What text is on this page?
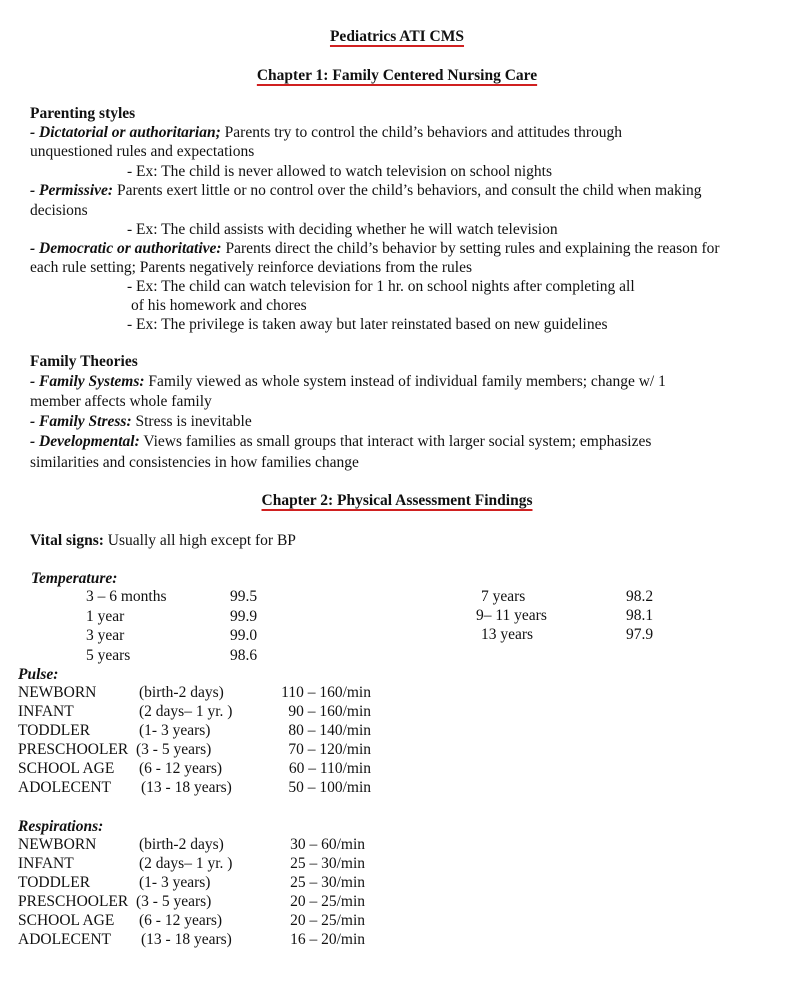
Pediatrics ATI CMS
Chapter 1: Family Centered Nursing Care
Parenting styles
- Dictatorial or authoritarian; Parents try to control the child’s behaviors and attitudes through
unquestioned rules and expectations
- Ex: The child is never allowed to watch television on school nights
- Permissive: Parents exert little or no control over the child’s behaviors, and consult the child when making
decisions
- Ex: The child assists with deciding whether he will watch television
- Democratic or authoritative: Parents direct the child’s behavior by setting rules and explaining the reason for
each rule setting; Parents negatively reinforce deviations from the rules
- Ex: The child can watch television for 1 hr. on school nights after completing all
of his homework and chores
- Ex: The privilege is taken away but later reinstated based on new guidelines
Family Theories
- Family Systems: Family viewed as whole system instead of individual family members; change w/ 1
member affects whole family
- Family Stress: Stress is inevitable
- Developmental: Views families as small groups that interact with larger social system; emphasizes
similarities and consistencies in how families change
Chapter 2: Physical Assessment Findings
Vital signs: Usually all high except for BP
Temperature:
3 – 6 months	99.5
1 year	99.9
3 year	99.0
5 years	98.6
7 years	98.2
9– 11 years	98.1
13 years	97.9
Pulse:
NEWBORN	(birth-2 days)	110 – 160/min
INFANT	(2 days– 1 yr. )	90 – 160/min
TODDLER	(1- 3 years)	80 – 140/min
PRESCHOOLER (3 - 5 years)	70 – 120/min
SCHOOL AGE (6 - 12 years)	60 – 110/min
ADOLECENT (13 - 18 years)	50 – 100/min
Respirations:
NEWBORN	(birth-2 days)	30 – 60/min
INFANT	(2 days– 1 yr. )	25 – 30/min
TODDLER	(1- 3 years)	25 – 30/min
PRESCHOOLER (3 - 5 years)	20 – 25/min
SCHOOL AGE (6 - 12 years)	20 – 25/min
ADOLECENT (13 - 18 years)	16 – 20/min
